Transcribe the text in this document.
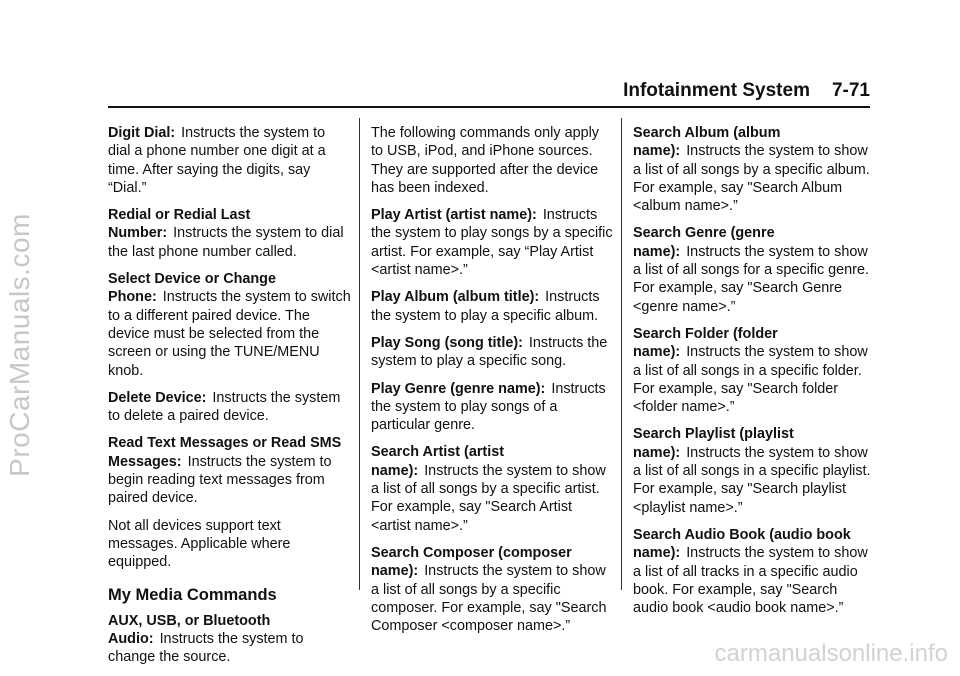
ProCarManuals.com
Infotainment System 7-71
Digit Dial: Instructs the system to dial a phone number one digit at a time. After saying the digits, say “Dial.”
Redial or Redial Last Number: Instructs the system to dial the last phone number called.
Select Device or Change Phone: Instructs the system to switch to a different paired device. The device must be selected from the screen or using the TUNE/MENU knob.
Delete Device: Instructs the system to delete a paired device.
Read Text Messages or Read SMS Messages: Instructs the system to begin reading text messages from paired device.
Not all devices support text messages. Applicable where equipped.
My Media Commands
AUX, USB, or Bluetooth Audio: Instructs the system to change the source.
The following commands only apply to USB, iPod, and iPhone sources. They are supported after the device has been indexed.
Play Artist (artist name): Instructs the system to play songs by a specific artist. For example, say “Play Artist <artist name>.”
Play Album (album title): Instructs the system to play a specific album.
Play Song (song title): Instructs the system to play a specific song.
Play Genre (genre name): Instructs the system to play songs of a particular genre.
Search Artist (artist name): Instructs the system to show a list of all songs by a specific artist. For example, say "Search Artist <artist name>.”
Search Composer (composer name): Instructs the system to show a list of all songs by a specific composer. For example, say "Search Composer <composer name>.”
Search Album (album name): Instructs the system to show a list of all songs by a specific album. For example, say "Search Album <album name>.”
Search Genre (genre name): Instructs the system to show a list of all songs for a specific genre. For example, say "Search Genre <genre name>.”
Search Folder (folder name): Instructs the system to show a list of all songs in a specific folder. For example, say "Search folder <folder name>.”
Search Playlist (playlist name): Instructs the system to show a list of all songs in a specific playlist. For example, say "Search playlist <playlist name>.”
Search Audio Book (audio book name): Instructs the system to show a list of all tracks in a specific audio book. For example, say "Search audio book <audio book name>.”
carmanualsonline.info
